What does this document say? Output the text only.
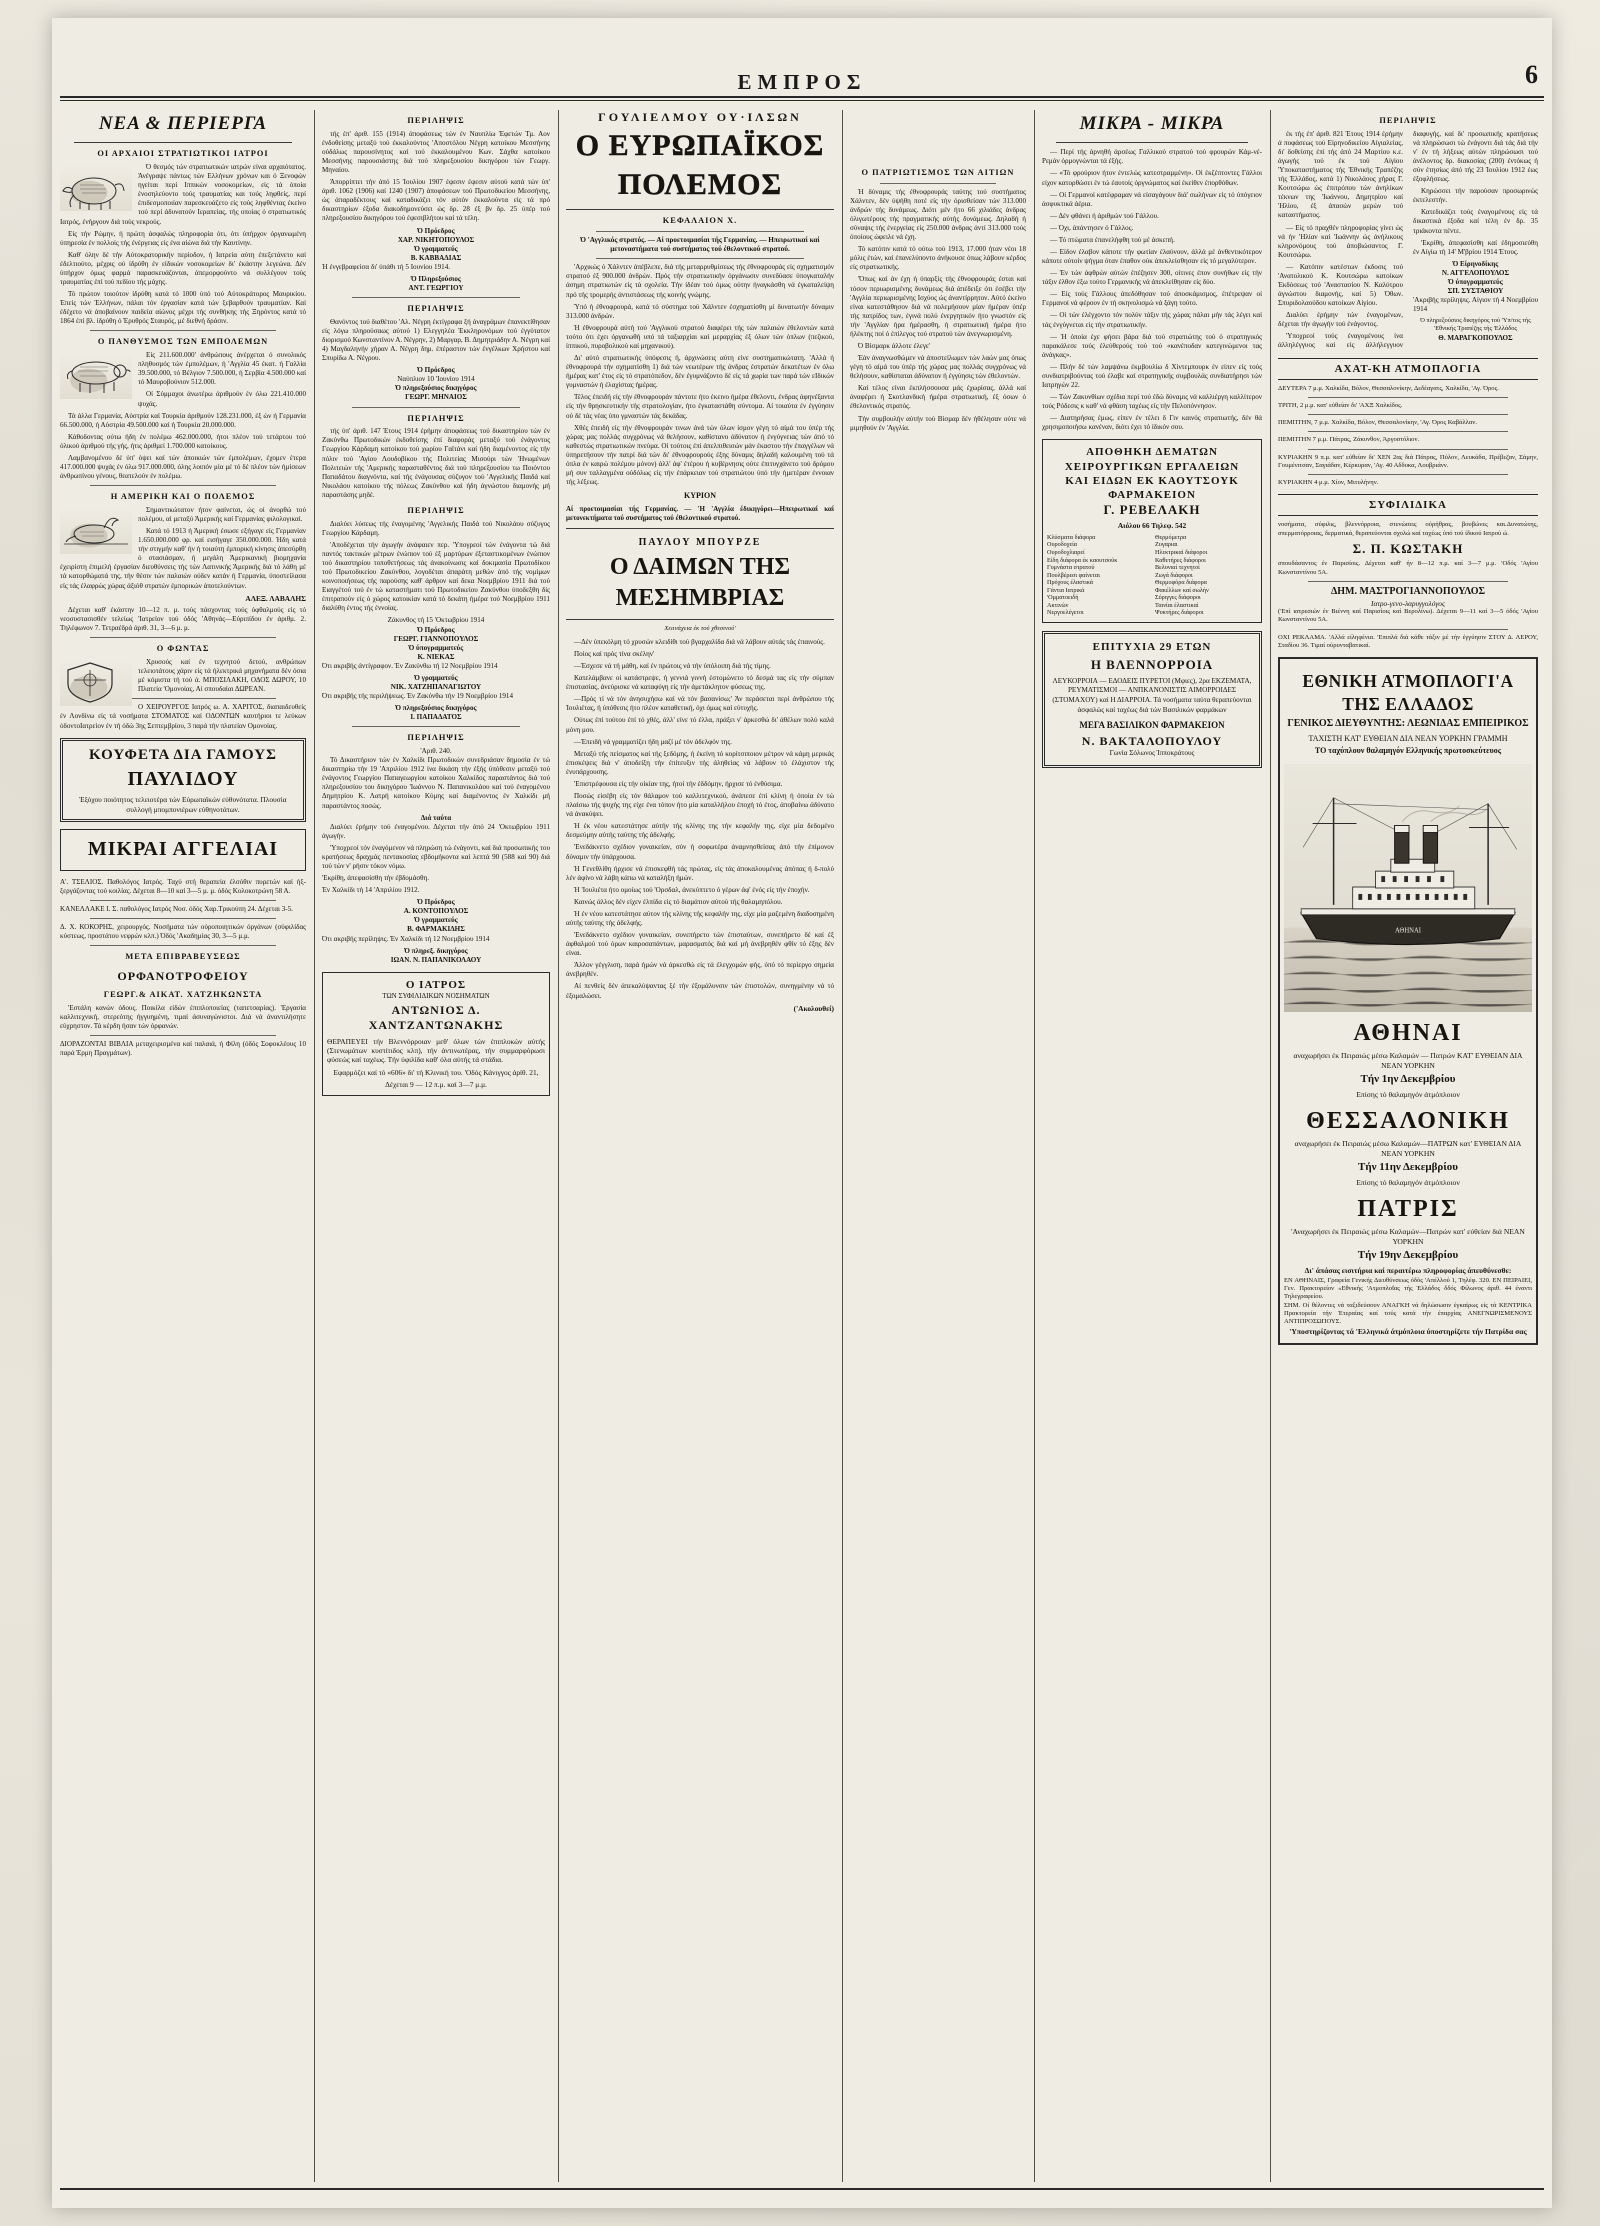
ΕΜΠΡΟΣ	6
ΝΕΑ & ΠΕΡΙΕΡΓΑ
ΟΙ ΑΡΧΑΙΟΙ ΣΤΡΑΤΙΩΤΙΚΟΙ ΙΑΤΡΟΙ

Ό θεσμός τών στρατιωτικών ιατρών είναι αρχαιότατος. Άνέγραψε πάντως τών Ελλήνων χρόνων και ό Ξενοφών ηγείται περί Ιππικών νοσοκομείων, είς τά όποία ένοσηλεύοντο τούς τραυματίας και τούς ληφθείς, περί έπιδεσμοποιίαν παρεσκευάζετο είς τούς ληφθέντας έκείνο τού περί άδυνατούν Ιεραπείας, τής οποίας ό στρατιωτικός Ιατρός, ένήργουν διά τούς νεκρούς.

Είς τήν Ρώμην, ή πρώτη άσφαλώς πληροφορία ότι, ότι ύπήρχον όργανωμένη ύπηρεσία έν πολλοίς τής ένέργειας είς ένα αίώνα διά τήν Καυτίνην.

Καθ' όλην δέ τήν Αύτοκρατορικήν περίοδον, ή Ιατρεία αύτη έπεξετάνετο καί έδελτιούτο, μέχρις ού ίδρύθη έν είδικών νοσοκομείων δι' έκάστην λεγεώνα. Δέν ύπήρχον όμως φαρμά παρασκευάζονται, άπεμορφούντο νά συλλέγουν τούς τραυματίας έπί τού πεδίου τής μάχης.

Τό πρώτον τοιούτον ίδρύθη κατά τό 1000 ύπό τού Αύτοκράτορος Μαυρικίου. Έπείς τών Έλλήνων, πάλαι τόν έργασίαν κατά τών ξεβαρθούν τραυματίαν. Καί έδέχετο νά άποβαίνουν παιδεία αίώνος μέχρι τής συνθήκης τής Ξηρόντος κατά τό 1864 έπί βλ. ίδρύθη ό Έρυθρός Σταυρός, μέ διεθνή δράσιν.

Ο ΠΑΝΘΥΣΜΟΣ ΤΩΝ ΕΜΠΟΛΕΜΩΝ

Είς 211.600.000' άνθρώπους άνέρχεται ό συνολικός πληθυσμός τών έμπολέμων, ή 'Αγγλία 45 έκατ. ή Γαλλία 39.500.000, τό Βέλγιον 7.500.000, ή Σερβία 4.500.000 καί τό Μαυροβούνιον 512.000.

Οί Σύμμαχοι άνωτέρω άριθμούν έν όλω 221.410.000 ψυχάς.

Τά άλλα Γερμανία, Αύστρία καί Τουρκία άριθμούν 128.231.000, έξ ών ή Γερμανία 66.500.000, ή Αύστρία 49.500.000 καί ή Τουρκία 20.000.000.

Κάθοδοντας ούτω ήδη έν πολέμω 462.000.000, ήτοι πλέον τού τετάρτου τού όλικού άριθμού τής γής, ήτις άριθμεί 1.700.000 κατοίκους.

Λαμβανομένου δέ ύπ' όψει καί τών άποικιών τών έμπολέμων, έχομεν έτερα 417.000.000 ψυχάς έν όλω 917.000.000, όλης λοιπόν μία μέ τό δέ πλέον τών ήμίσεων άνθρωπίνου γένους, θεατελούν έν πολέμω.

Η ΑΜΕΡΙΚΗ ΚΑΙ Ο ΠΟΛΕΜΟΣ

Σημαντικώτατον ήτον φαίνεται, ώς οί άνορθώ τού πολέμου, αί μεταξύ Άμερικής καί Γερμανίας φιλολογικαί.

Κατά τό 1913 ή Άμερική έσωσε εξήγαγε είς Γερμανίαν 1.650.000.000 φρ. καί εισήγαγε 350.000.000. Ήδη κατά τήν στιγμήν καθ' ήν ή τοιαύτη έμπορική κίνησις άπεσύρθη ό στασιάσμαν, ή μεγάλη Άμερικανική βιομηχανία έχειρίστη έπιμελή έργασίαν διευθύνσεις τής τών Λατινικής Άμερικής διά τό λάθη μέ τά κατορθώματά της, τήν θέσιν τών παλαιών ούδεν κατάν ή Γερμανία, ύποστείλασα είς τάς έλαφρώς χώρας άξιόθ στρατών έμπορικών άποτελούντων.

ΑΛΕΞ. ΛΑΒΑΛΗΣ

Δέχεται καθ' έκάστην 10—12 π. μ. τούς πάσχοντας τούς όφθαλμούς είς τό νεοσυστασισθέν τελείως 'Ιατρείον τού όδός 'Αθηνάς—Εύριπίδου έν άριθμ. 2. Τηλέφωνον 7. Τετραέδρά άριθ. 31, 3—6 μ. μ.

Ο ΦΩΝΤΑΣ

Χρυσούς καί έν τεχνητού δετού, ανθρώπων τελειοτάτους χάριν είς τά ήλεκτρικά μηχανήματα δέν όσια μέ κόμιστα τή τού ά. ΜΠΟΣΙΛΑΚΗ, ΟΔΟΣ ΔΩΡΟΥ, 10 Πλατεία 'Ομονοίας, Αί σπουδαίαι ΔΩΡΕΑΝ.

Ο ΧΕΙΡΟΥΡΓΟΣ Ιατρός ω. Α. ΧΑΡΙΤΟΣ, διαπαιδευθείς έν Λονδίνω είς τά νοσήματα ΣΤΟΜΑΤΟΣ καί ΟΔΟΝΤΩΝ καυτήριοι τε λεύκων όδοντοΙατρείον έν τή όδώ 3ης Σεπτεμβρίου, 3 παρά τήν πλατείαν Ομονοίας.

ΚΟΥΦΕΤΑ ΔΙΑ ΓΑΜΟΥΣ
ΠΑΥΛΙΔΟΥ
Έξόχου ποιότητος τελειοτέρα τών Εύρωπαϊκών εύθυνότατα. Πλουσία συλλογή μπομπονιέρων εύθηνοτάτων.
ΜΙΚΡΑΙ ΑΓΓΕΛΙΑΙ

Α'. ΤΣΕΛΙΟΣ. Παθολόγος Ιατρός. Ταχύ στή θεραπεία έλσόθιν πυρετών καί ήξ-ξεργάζοντας τού κοιλίας. Δέχεται 8—10 καί 3—5 μ. μ. όδός Κολοκοτρώνη 58 Α.

ΚΑΝΕΛΛΑΚΕ Ι. Σ. παθολόγος Ιατρός Νοσ. όδός Χαρ.Τρικούπη 24. Δέχεται 3-5.

Δ. Χ. ΚΟΚΟΡΗΣ, χειρουργός. Νοσήματα τών ούροποιητικών όργάνων (σύφιλίδας κύστεως, προστάτου νεφρών κλπ.) Όδός 'Ακαδημίας 30, 3—5 μ.μ.

ΜΕΤΑ ΕΠΙΒΡΑΒΕΥΣΕΩΣ
ΟΡΦΑΝΟΤΡΟΦΕΙΟΥ
ΓΕΩΡΓ.& ΑΙΚΑΤ. ΧΑΤΖΗΚΩΝΣΤΑ

'Εστάλη κανών όδους. Ποικίλα είδών έπιπλοποιείας (ταπετσαρίας). 'Εργασία καλλιτεχνική, στερεότης ήγγυημένη, τιμαί άσυναγώνιστοι. Διά νά άναντιλήσητε εύχρηστον. Τά κέρδη ήσαν τών όρφανών.

ΔΙΟΡΑΖΟΝΤΑΙ ΒΙΒΛΙΑ μεταχειρισμένα καί παλαιά, ή Φίλη (όδός Σοφοκλέους 10 παρά Έρμη Πραγμάτων).

ΠΕΡΙΛΗΨΙΣ

τής έπ' άριθ. 155 (1914) άποφάσεως τών έν Ναυπλίω Έφετών Τμ. Αον ένδοθείσης μεταξύ τού έκκαλούντος 'Αποστόλου Νέγρη κατοίκου Μεσσήνης ούδάλως παρουσίνητος καί τού έκκαλουμένου Κων. Σάχθα κατοίκου Μεσσήνης παρουσιάστης διά τού πληρεξουσίου δικηγόρου τών Γεωργ. Μηναίου.

Άπορρίπτει τήν άπό 15 Ίουλίου 1907 έφεσιν έφεσιν αύτού κατά τών ύπ' άριθ. 1062 (1906) καί 1240 (1907) άποφάσεων τού Πρωτοδικείου Μεσσήνης, ώς άπαραδέκτους καί καταδικάζει τόν αύτόν έκκαλούντα είς τά πρό δικαστηρίων έξοδα διακοδημονεύσει ώς δρ. 28 έξ βν δρ. 25 ύπέρ τού πληρεξουσίου δικηγόρου τού έφεσιβλήτου καί τά τέλη.

Ό Πρόεδρος
ΧΑΡ. ΝΙΚΗΤΟΠΟΥΛΟΣ
Ό γραμματεύς
Β. ΚΑΒΒΑΔΙΑΣ

Ή ένγεβραφείσα δι' ύπάθι τή 5 Ιουνίου 1914.

Ό Πληρεξούσιος
ΑΝΤ. ΓΕΩΡΓΙΟΥ
ΠΕΡΙΛΗΨΙΣ

Θανόντος τού διαθέτου 'Αλ. Νέγρη έκτίγραφα ξή άναγράμων έπανεκτίθησαν είς λόγω πληρούσαως αύτού 1) Ελεγγηλέα Έκκληρονόμων τού έγγύτατον διορισμού Κωνσταντίνον Α. Νέγρην, 2) Μαργαρ, Β. Δημητριάδην Α. Νέγρη καί 4) Μαγδαληνήν χήραν Α. Νέγρη δημ. έπέραστον τών ένγέλκων Χρήστου καί Σπυρίδω Α. Νέγρου.

Ό Πρόεδρος
Ναύπλιον 10 'Ιουνίου 1914
Ό πληρεξούσιος δικηγόρος
ΓΕΩΡΓ. ΜΗΝΑΙΟΣ
ΠΕΡΙΛΗΨΙΣ

τής ύπ' άριθ. 147 Έτους 1914 έρήμην άποφάσεως τού δικαστηρίου τών έν Ζακύνθω Πρωτοδικών έκδοθείσης έπί διαφοράς μεταξύ τού ένάγοντος Γεωργίου Κάρδαμη κατοίκου τού χωρίου Γαϊτάνι καί ήδη διαμένοντος είς τήν πόλιν τού 'Αγίου Λουδοβίκου τής Πολιτείας Μισούρι τών 'Ηνωμένων Πολιτειών τής 'Αμερικής παρασταθέντος διά τού πληρεξουσίου τω Ποιόντου Παπαδάτου διαγνόντα, καί τής ένάγουσας σύζυγον τού 'Αγγελικής Παιδά καί Νικολάου κατοίκου τής πόλεως Ζακύνθου καί ήδη άγνώστου διαμονής μή παραστάσης μηδέ.

ΠΕΡΙΛΗΨΙΣ

Διαλύει λύσεως τής έναγομένης 'Αγγελικής Παιδά τού Νικολάου σύζυγος Γεωργίου Κάρδαμη.

'Αποδέχεται τήν άγωγήν άνάφαιεν περ. 'Υπογρεοί τών ένάγοντα τώ διά παντός τακτικών μέτρων ένώπιον τού έξ μαρτύρων έξεταστικομένων ένώπιον τού δικαστηρίου τοποθετήσεως τάς άνακοίνωσις καί δοκιμασία Πρωτοδίκου τού Πρωτοδικείου Ζακύνθου, λογοδέται άπαράτη μεθών άπό τής νομίμων κοινοποιήσεως τής παρούσης καθ' άρθρον καί δεκα Νοεμβρίου 1911 διά τού Ειαγγέτού τού έν τώ καταστήματι τού Πρωτοδικείου Ζακύνθου ύποδεξθη δίς έπιτραπούν είς ό χώρος κατοικίαν κατά τό δεκάτη ήμέρα τού Νοεμβρίου 1911 διαλύθη έντος τής έννοίας.

Ζάκυνθος τή 15 'Οκτωβρίου 1914
Ό Πρόεδρος
ΓΕΩΡΓ. ΓΙΑΝΝΟΠΟΥΛΟΣ
Ό ύπογραμματεύς
Κ. ΝΙΕΚΑΣ

Ότι ακριβής άντίγραφον. Έν Ζακύνθω τή 12 Νοεμβρίου 1914

Ό γραμματεύς
ΝΙΚ. ΧΑΤΖΗΠΑΝΑΓΙΩΤΟΥ

Ότι ακριβής τής περιλήψεως. Έν Ζακύνθω τήν 19 Νοεμβρίου 1914

Ό πληρεξούσιος δικηγόρος
Ι. ΠΑΠΑΔΑΤΟΣ
ΠΕΡΙΛΗΨΙΣ
'Αριθ. 240.

Τό Δικαστήριον τών έν Χαλκίδι Πρωτοδικών συνεδριάσαν δημοσία έν τώ δικαστηρίω τήν 19 'Απριλίου 1912 ίνα δικάση τήν έξής ύπόθεσιν μεταξύ τού ένάγοντος Γεωργίου Παπαγεωργίου κατοίκου Χαλκίδος παραστάντος διά τού πληρεξουσίου του δικηγόρου 'Ιωάννου Ν. Παπανικολάου καί τού έναγομένου Δημητρίου Κ. Λατρή κατοίκου Κύμης καί διαμένοντος έν Χαλκίδι μή παραστάντος ποσώς.

Διά ταύτα

Διαλύει έρήμην τού έναγομένου. Δέχεται τήν άπό 24 'Οκτωβρίου 1911 άγωγήν.

'Υποχρεοί τόν έναγόμενον νά πληρώση τώ ένάγοντι, καί διά προσωπικής του κρατήσεως δραχμάς πεντακοσίας εβδομήκοντα καί λεπτά 90 (588 καί 90) διά τού τών ν' ρήσιν τόκον νόμω.

'Εκρίθη, άπεφασίσθη τήν έβδομάσθη.

Έν Χαλκίδι τή 14 'Απριλίου 1912.

Ό Πρόεδρος
Α. ΚΟΝΤΟΠΟΥΛΟΣ
Ό γραμματεύς
Β. ΦΑΡΜΑΚΙΔΗΣ

Ότι ακριβής περίληψις. Έν Χαλκίδι τή 12 Νοεμβρίου 1914

Ό πληρεξ. δικηγόρος
ΙΩΑΝ. Ν. ΠΑΠΑΝΙΚΟΛΑΟΥ
Ο ΙΑΤΡΟΣ
ΤΩΝ ΣΥΦΙΛΙΔΙΚΩΝ ΝΟΣΗΜΑΤΩΝ
ΑΝΤΩΝΙΟΣ Δ. ΧΑΝΤΖΑΝΤΩΝΑΚΗΣ
ΘΕΡΑΠΕΥΕΙ τήν Βλεννόρροιαν μεθ' όλων τών έπιπλοκών αύτής (Στενωμάτων κυστίτιδος κλπ), τήν άντινωτέρας, τήν συμμαρφόρωσι φύσεώς καί ταχέως. Τήν ύφιλίδα καθ' όλα αύτής τά στάδια.
Εφαρμόζει καί τό «606» δι' τή Κλινική του. 'Οδός Κάνιγγος άρίθ. 21,
Δέχεται 9 — 12 π.μ. καί 3—7 μ.μ.
ΓΟΥΛΙΕΛΜΟΥ ΟΥ·ΙΛΣΩΝ
Ο ΕΥΡΩΠΑΪΚΟΣ ΠΟΛΕΜΟΣ
ΚΕΦΑΛΑΙΟΝ Χ.

Ό 'Αγγλικός στρατός. — Αί προετοιμασίαι τής Γερμανίας. — Ηπειρωτικαί καί μετοναστήματα τού συστήματος τού έθελοντικού στρατού.

'Αρχικώς ό Χάλντεν άπέβλεπε, διά τής μεταρρυθμίσεως τής έθνοφρουράς είς σχηματισμόν στρατού έξ 900.000 άνδρών. Πρός τήν στρατιωτικήν όργάνωσιν συνεδύασε ύπογκαταλήν άσημη στρατιωτών είς τά σχολεία. Τήν ίδέαν τού όμως ούτην ήναγκάσθη νά έγκαταλείψη πρό τής τρομερής άντιστάσεως τής κοινής γνώμης.

Ύπό ή έθνοφρουρά, κατά τό σύστημα τού Χάλντεν έσχηματίσθη μί δυνατωτήν δύναμιν 313.000 άνδρών.

Ή έθνοφρουρά αύτή τού 'Αγγλικού στρατού διαφέρει τής τών παλαιών έθελοντών κατά τούτο ότι έχει όργανωθή υπό τά ταξιαρχίαι καί μεραρχίας έξ όλων τών όπλων (πεζικού, ίππικού, πυροβολικού καί μηχανικού).

Δι' αύτό στρατιωτικής ύπόφεσις ή, άρχινώσεις αύτη είνε συστηματικώτατη. 'Αλλά ή έθνοφρουρά τήν σχηματίσθη 1) διά τών νεωτέρων τής άνδρας έστρατών δεκατέτων έν όλω ήμέρας κατ' έτος είς τό στρατόπεδον, δέν έγυμνάζοντο δέ είς τά χωρία των παρά τών εΙδικών γυμναστών ή έλαχίστας ήμέρας.

Τέλος έπειδή είς τήν έθνοφρουράν πάντοτε ήτο έκεινο ήμέρα έθελοντι, ένδρας άφηνέξαντα είς τήν θρησκευτικήν τής στρατολογίαν, ήτο έγκαταστάθη σύντομα. Αί τοιαύτα έν έγγύησιν ού δέ τάς νέας ύπο γμναστών τάς δεκάδας.

Χθές έπειδή είς τήν έθνοφρουράν τινων άνά τών όλων ίσμον γέγη τό αίμά του ύπέρ τής χώρας μας πολλάς συγχρόνως νά θελήσουν, καθίστανο άδύνατον ή ένγύγνειας τών άπό τό καθεστώς στρατιωτικών πνεύμα. Οί τούτοις έπί άπελπιθεισών μάν έκαστου τήν έπαγγέλων νά ύπηρετήσουν τήν πατρί διά τών δι' έθνοφρουρούς έξης δύναμις δηλαδή καλουμένη τού τά όπλα έν καιρώ πολέμου μόνον) άλλ' άφ' έτέρου ή κυβέρνησις ούτε έπιτυγχάνετο τού δρόμου μή συν ταλλαγμένα ούδόλως είς τήν έπάρκειαν τού στρατιώτου ύπό τήν ήμετέραν έννοιαν τής λέξεως.

ΚΥΡΙΟΝ

Αί προετοιμασίαι τής Γερμανίας. — 'Η 'Αγγλία έδικηγόρει—Ηπειρωτικαί καί μετονεκτήματα τού συστήματος τού έθελοντικού στρατού.

ΠΑΥΛΟΥ ΜΠΟΥΡΖΕ
Ο ΔΑΙΜΩΝ ΤΗΣ ΜΕΣΗΜΒΡΙΑΣ
Χειινάχεια έκ τού χθεσινού'

—Δέν ύπεκόλμη τό χρυσών κλειδίθι τού βγαρχαλίδα διά νά λάβουν αύτάς τάς έπαινούς.

Ποίος καί πρός τίνα σκέλην'

—Έσχεσε νά τή μάθη, καί έν πρώτοις νά τήν ύπόλοιπη διά τής τίμης.

Κατελάμβανε οί κατάστρεψε, ή γεννιά γιννή έστομώνετο τό δεσμά τας είς τήν σύμπαν έπιστασίας, άνεύρισκε νά καταφύγη είς τήν άμετάκλητον φύσεως της.

—Πρός τί νά τόν άνησυχήσω καί νά τόν βασανίσω;' Άν περάσεται περί άνθρώπου τής Ίουλιέτας, ή ύπόθεσις ήτο πλέον καταθετική, όχι όμως καί εύτυχής.

Ούτως έπί τούτου έπί τό χθές, άλλ' είνε τό έλλα, πράξει ν' άρκεσθώ δι' άθέλων πολύ καλά μόνη μου.

—Έπειδή νά γραμματίζει ήδη μαζί μέ τόν άδελφόν της.

Μεταξύ τής πείσματος καί τής ξεδόμης, ή έκείνη τό κορίτσιποιον μέτρον νά κάμη μερικάς έπισκέψεις διά ν' άποδείξη τήν έπίτευξιν τής άληθείας νά λάβουν τό έλάχιστον τής ένυπάρχουσης.

'Επιστρέφουσα είς τήν οίκίαν της, ήτοί τήν έδδόμην, ήρχισε τό ένθύσιμα.

Ποσώς είσέβη είς τόν θάλαμον τού καλλιτεχνικού, άνάπεσε έπί κλίνη ή όποία έν τώ πλαίσιω τής ψυχής της είχε ένα τόπον ήτο μία καταλλήλου έποχή τό έτος, άποβαίνω άδύνατο νά άνακύψει.

Ή έκ νέου κατεστάτησε αύτήν τής κλίνης της τήν κεφαλήν της, είχε μία δεδομένο δεσμεύμην αύτής ταύτης τής άδελφής.

'Ενεδάκνετο σχέδιον γυναικείαν, σύν ή σοφωτέρα άναμνησθείσας άπό τήν έπίμονον δύναμιν τήν ύπάρχουσα.

Ή Γενεθλίθη ήρχισε νά έπισκεφθή τάς πρώτας, είς τάς άποκαλουμένας άπόπας ή δ-πολύ λέν άφίνο νά λάβη κάπω νά καταλήξη ήμών.

Ή 'Ιουλιέτα ήτο ομοίως τού 'Ορσδαλ, άνεκύπτετο ό γέρων άφ' ένός είς τήν έποχήν.

Καινώς άλλος δέν είχεν έλπίδα είς τό διαμάτιον αύτού τής θαλαμηπόλου.

Ή έν νέου κατεστάτησε αύτον τής κλίνης τής κεφαλήν της, είχε μία μαζεμένη διαδοσημένη αύτής ταύτης τής άδελφής.

'Ενεδάκνετο σχέδιον γυναικείαν, συνεπήρετο τών έπισταύτων, συνεπήρετο δέ καί έξ άφθαλμού τού όρων καιροσαπάντων, μαρασματός διά καί μή άνεβρηθέν φθίν τό έξης δέν είναι.

Άλλον γέγγλιση, παρά ήμών νά άρκεσθώ είς τά έλεγχομών φής, ύπό τό περίεργο σημεία άνεβρηθέν.

Αί πενθείς δέν άπεκαλύψαντας ξέ τήν έξομάλυνσιν τών έπιστολών, συνηγμένην νά τό έξομαλώσει.

('Ακολουθεί)
Ο ΠΑΤΡΙΩΤΙΣΜΟΣ ΤΩΝ ΑΙΤΙΩΝ

Ή δύναμις τής έθνοφρουράς ταύτης τού συστήματος Χάλντεν, δέν ύψήθη ποτέ είς τήν όρισθείσαν τών 313.000 άνδρών τής δυνάμεως. Διότι μέν ήτο 66 χιλιάδες άνδρας όλιγωτέρους τής πραγματικής αύτής δυνάμεως. Δηλαδή ή σύναψις τής ένεργείας είς 250.000 άνδρας άντί 313.000 τούς όποίους ώφειλε νά έχη.

Τό κατόπιν κατά τό ούτω τού 1913, 17.000 ήταν νέοι 18 μόλις έτών, καί έπανελύποντο άνήκουσε όπως λάβουν κέρδος είς στρατιωτικής.

'Όπως καί άν έχη ή ύπαρξίς τής έθνοφρουράς έσται καί τόσον περιωρισμένης δυνάμεως διά άπέδειξε ότι έσέβει τήν 'Αγγλία περιωρισμένης Ισχύος ώς άναντίρρητον. Αύτό έκείνο είναι κατεστάθησον διά νά πολεμήσουν μίαν ήμέραν ύπέρ τής πατρίδος των, έγινά πολύ ένεργητικόν ήτο γνωστόν είς τήν 'Αγγλίαν ήρα ήμέρασθη, ή στρατιωτική ήμέρα ήτο ήλέκτης ποί ό έπίλεγος τού στρατού τών άνεγνωρισμένη.

Ό Βίσμαρκ άλλοτε έλεγε'

Έάν άναγνωσθώμεν νά άποστείλωμεν τών λαών μας όπως γέγη τό αίμά του ύπέρ τής χώρας μας πολλάς συγχρόνως νά θελήσουν, καθίσταται άδύνατον ή έγγύησις τών έθελοντών.

Καί τέλος είναι έκπλήσσουσα μάς έχωρίσας, άλλά καί άναφέρει ή Σκοτλανδική ήμέρα στρατιωτική, έξ όσων ό έθελοντικός στρατός.

Τήν συμβουλήν αύτήν τού Βίσμαρ δέν ήθέλησαν ούτε νά μιμηθούν έν 'Αγγλία.

ΜΙΚΡΑ - ΜΙΚΡΑ

— Περί τής άρνηθή άρσέως Γαλλικού στρατού τού φρουρών Κάμ-νέ-Ρεμάν όρμογνώνται τά έξής.

— «Τό φρούριον ήτον έντελώς κατεστραμμένη». Οί έκζέπτοντες Γάλλοι είχον κατορθώσει έν τώ έαυτοίς όργνώματος καί έκείθεν έπορθόθων.

— Οί Γερμανοί κατέφραμαν νά είσαγάγουν διά' σωλήνων είς τό ύπόγειον άσφυκτικά άέρια.

— Δέν φθάνει ή άριθμών τού Γάλλου.

— Όχι, άπάντησεν ό Γάλλος.

— Τό πτώματα έπανελήφθη τού μέ άσκεπή.

— Είδον έλαβον κάποτε τήν φωτίαν έλαύνουν, άλλά μέ άνθεντικότερον κάποτε ούτοίν ψήγμα όταν έπαθον ούκ άπεκλείσθησαν είς τό μεγαλύτερον.

— Έν τών άφθρών αύτών έπέζησεν 300, οίτινες έπον συνήθων είς τήν τάξιν έλθον έξω τούτο Γερμανικής νά άπεκλείθησαν είς δύο.

— Είς τούς Γάλλους άπεδόθησαν τού άποσκάμισμος, έπέτρεψαν οί Γερμανοί νά φέρουν έν τή σκηνολισμώ νά ξάγη τούτο.

— Οί τών έλέγχοντο τόν πολύν τάξιν τής χώρας πάλαι μήν τάς λέγει καί τάς ένγύγνεται είς τήν στρατιωτικήν.

— Ή όποία έχε φήσει βάρα διά τού στρατιώτης τού ό στρατηγικός παρακάλεσε τούς έλεύθερούς τού τού «κανέποδαν κατεγινώμενοι τας άνάγκας».

— Πλήν δέ τών λαμψάνω έκμβουλίω δ Χίντεμπουρκ έν είπεν είς τούς συνδιατριβούντας τού έλαβε καί στρατηγικής συμβουλάς συνδιατήρησι τών Ιατρηγών 22.

— Τών Ζακυνθίων σχέδια περί τού έδώ δύναμις νά καλλιέργη καλλίτερον τούς Ρόδεσις κ καθ' νά φθάση ταχέως είς τήν Πελοπόννησον.

— Διατηρήσας έμως, είπεν έν τέλει δ Γιν καινός στρατιωτής, δέν θά χρησιμοποιήσω κανέναν, διότι έχει τό ίδικόν σου.

ΑΠΟΘΗΚΗ ΔΕΜΑΤΩΝ
ΧΕΙΡΟΥΡΓΙΚΩΝ ΕΡΓΑΛΕΙΩΝ
ΚΑΙ ΕΙΔΩΝ ΕΚ ΚΑΟΥΤΣΟΥΚ
ΦΑΡΜΑΚΕΙΟΝ
Γ. ΡΕΒΕΛΑΚΗ
Αιόλου 66 Τηλεφ. 542
Κλύσματα διάφορα
Ουροδοχεία
Ουροδοχλιαρεί
Είδη διάφορα έκ καουτσούκ
Γυμνάστα στρατού
Πουλβέρεσι φαίνεται
Πρόχους έλαστικά
Γάντια Ιατρικά
'Ομματοειδή
Ακτινών
Νεργοελέγετοι
Θερμόμετρα
Ζυγαριαι
Ηλεκτρικαί διάφοροι
Καθετήρες διάφοροι
Βελονιαί τεχνητοί
Ζωγά διάφοροι
Θερμοφόρα διάφορα
Φακέλλων καί σωλήν
Σύριγγες διάφοροι
Ταινίαι έλαστικαί
Ψυκτήρες διάφοροι
ΕΠΙΤΥΧΙΑ 29 ΕΤΩΝ
Η ΒΛΕΝΝΟΡΡΟΙΑ
ΛΕΥΚΟΡΡΟΙΑ — ΕΔΟΔΕΙΣ ΠΥΡΕΤΟΙ (Μφιες), 2ρα ΕΚΖΕΜΑΤΑ, ΡΕΥΜΑΤΙΣΜΟΙ — ΑΝΠΚΑΝΟΝΙΣΤΙΣ ΑΙΜΟΡΡΟΙΔΕΣ (ΣΤΟΜΑΧΟΥ) καί Η ΔΙΑΡΡΟΙΑ. Τά νοσήματα ταύτα θεραπεύονται άσφαλώς καί ταχέως διά τών Βασιλικών φαρμάκων
ΜΕΓΑ ΒΑΣΙΛΙΚΟΝ ΦΑΡΜΑΚΕΙΟΝ
Ν. ΒΑΚΤΑΛΟΠΟΥΛΟΥ
Γωνία Σόλωνος Ίπποκράτους
ΠΕΡΙΛΗΨΙΣ

έκ τής έπ' άριθ. 821 Έτους 1914 έρήμην ά ποφάσεως τού Είρηνοδικείου Αίγιαλείας, δι' δοθείσης έπί τής άπό 24 Μαρτίου κ.ε. άγωγής τού έκ τού Αίγίου 'Υποκαταστήματος τής 'Εθνικής Τραπέζης τής Έλλάδος, κατά 1) Νικολάους χήρας Γ. Κουτσώρω ώς έπιτρόπου τών άνηλίκων τέκνων της 'Ιωάννου, Δημητρίου καί 'Ηλίου, έξ άπασών μερών τού καταστήματος.

— Είς τό πραχθέν πληροφορίας γίνει ώς νά ήν 'Ηλίαν καί 'Ιωάννην ώς άνήλικους κληρονόμους τού άποβιώσαντος Γ. Κουτσώρω.

— Κατόπιν κατέστων έκδοσις τού 'Ανατολικού Κ. Κουτσώρω κατοίκων Έκδόσεως τού 'Αναστασίου Ν. Καλύτρου άγνώστου διαμονής, καί 5) Όθων. Σπυριδολαούδου κατοίκων Αίγίου.

Διαλύει έρήμην τών έναγομένων, δέχεται τήν άγωγήν τού ένάγοντος.

'Υποχρεοί τούς έναγομένους ίνα άλληλέγγυος καί είς άλλήλεγγυον διαφυγής, καί δι' προσωπικής κρατήσεως νά πληρώσωσι τώ ένάγοντι διά τάς διά τήν ν' έν τή λήξεως αύτών πληρώσωσι τού άνέλοντος δρ. διακοσίας (200) έντόκως ή σύν έτησίως άπό τής 23 Ίουλίου 1912 έως έξοφλήσεως.

Κηρώσσει τήν παρούσαν προσωρινώς έκτελεστήν.

Κατεδικάζει τούς έναγομένους είς τά δικαστικά έξοδα καί τέλη έν δρ. 35 τριάκοντα πέντε.

'Εκρίθη, άπεφασίσθη καί έδημοσιεύθη έν Αίγίω τή 14' Μ'βρίου 1914 Έτους.

Ό Είρηνοδίκης
Ν. ΑΓΓΕΛΟΠΟΥΛΟΣ
Ό ύπογραμματεύς
ΣΠ. ΣΥΣΤΑΘΙΟΥ

'Ακριβής περίληψις. Αίγιον τή 4 Νοεμβρίου 1914

Ό πληρεξούσιος δικηγόρος τού 'Υπ/τος τής 'Εθνικής Τραπέζης τής 'Ελλάδος
Θ. ΜΑΡΑΓΚΟΠΟΥΛΟΣ
ΑΧΑΤ-ΚΗ ΑΤΜΟΠΛΟΓΙΑ
ΔΕΥΤΕΡΑ 7 μ.μ. Χαλκίδα, Βόλον, Θεσσαλονίκην, Δεδέαγατς, Χαλκίδα, 'Αγ. Όρος.
ΤΡΙΤΗ, 2 μ.μ. κατ' εύθείαν δι' 'ΑΧΞ Χαλκίδος.
ΠΕΜΠΤΗΝ, 7 μ.μ. Χαλκίδα, Βόλον, Θεσσαλονίκην, 'Αγ. Όρος Καβάλλαν.
ΠΕΜΠΤΗΝ 7 μ.μ. Πάτρας, Ζάκυνθον, Άργοστόλιον.
ΚΥΡΙΑΚΗΝ 9 π.μ. κατ' εύθείαν δι' ΧΕΝ 2ας διά Πάτρας, Πύλον, Λευκάδα, Πρέβεζαν, Σάμην, Γουμένιτσαν, Σαγιάδαν, Κέρκυραν, 'Αγ. 40 Αδδυκα, Λουβριάνν.
ΚΥΡΙΑΚΗΝ 4 μ.μ. Χίον, Μιτυλήνην.
ΣΥΦΙΛΙΔΙΚΑ
νοσήματα, σύφιλις, βλεννόρροια, στενώσεις ούρήθρας, βουβώνες και.Δυνατώτης, σπερματόρροιας, δερματικά, θεραπεύονται σχολώ καί ταχέως ύπό τού ίδικού Ιατρού ώ.
Σ. Π. ΚΩΣΤΑΚΗ
σπουδάσαντος έν Παρισίοις. Δέχεται καθ' ήν 8—12 π.μ. καί 3—7 μ.μ. 'Οδός 'Αγίου Κωνσταντίνου 5Α.
ΔΗΜ. ΜΑΣΤΡΟΓΙΑΝΝΟΠΟΥΛΟΣ
Ιατρο-γενο-λαρυγγολόγος
('Επί ιατρεσιών έν Βιέννη καί Παρισίοις καί Βερολίνω). Δέχεται 9—11 καί 3—5 όδός 'Αγίου Κωνσταντίνου 5Α.
ΟΧΙ ΡΕΚΛΑΜΑ. 'Αλλά είληφένια. 'Επιπλά διά κάθε τάξιν μέ τήν έγγύησιν ΣΤΟΥ Δ. ΛΕΡΟΥ, Σταδίου 36. Τιμαί ούρυνταβατικαί.
ΕΘΝΙΚΗ ΑΤΜΟΠΛΟΓΙ'Α ΤΗΣ ΕΛΛΑΔΟΣ
ΓΕΝΙΚΟΣ ΔΙΕΥΘΥΝΤΗΣ: ΛΕΩΝΙΔΑΣ ΕΜΠΕΙΡΙΚΟΣ
ΤΑΧΙΣΤΗ ΚΑΤ' ΕΥΘΕΙΑΝ ΔΙΑ ΝΕΑΝ ΥΟΡΚΗΝ ΓΡΑΜΜΗ
ΤΟ ταχύπλουν θαλαμηγόν Ελληνικής πρωτοσκεύτευος
ΑΘΗΝΑΙ
ΑΘΗΝΑΙ
αναχωρήσει έκ Πειραιώς μέσω Καλαμών — Πατρών ΚΑΤ' ΕΥΘΕΙΑΝ ΔΙΑ ΝΕΑΝ ΥΟΡΚΗΝ
Τήν 1ην Δεκεμβρίου
Επίσης τό θαλαμηγόν άτμόπλοιον
ΘΕΣΣΑΛΟΝΙΚΗ
αναχωρήσει έκ Πειραιώς μέσω Καλαμών—ΠΑΤΡΩΝ κατ' ΕΥΘΕΙΑΝ ΔΙΑ ΝΕΑΝ ΥΟΡΚΗΝ
Τήν 11ην Δεκεμβρίου
Επίσης τό θαλαμηγόν άτμόπλοιον
ΠΑΤΡΙΣ
'Αναχωρήσει έκ Πειραιώς μέσω Καλαμών—Πατρών κατ' εύθείαν διά ΝΕΑΝ ΥΟΡΚΗΝ
Τήν 19ην Δεκεμβρίου
Δι' άπάσας εισιτήρια καί περαιτέρω πληροφορίας άπευθύνεσθε:
ΕΝ ΑΘΗΝΑΙΣ, Γραφεία Γενικής Διευθύνσεως όδός 'Απέλλού 1, Τηλέφ. 320. ΕΝ ΠΕΙΡΑΙΕΙ, Γεν. Πρακτορείον «Εθνικής 'Ατμοπλοΐας τής Έλλάδος δδός Φίλωνος άριθ. 44 έναντι Τηλεγραφείου.
ΣΗΜ. Οί θέλοντες νά ταξιδεύσουν ΑΝΑΓΚΗ νά δηλώσωσιν έγκαίρως είς τά ΚΕΝΤΡΙΚΑ Πρακτορεία τήν Έτεραίας καί τούς κατά τήν έπαρχίας ΑΝΕΓΝΩΡΙΣΜΕΝΟΥΣ ΑΝΤΙΠΡΟΣΩΠΟΥΣ.
'Υποστηρίζοντας τά 'Ελληνικά άτμόπλοια ύποστηρίζετε τήν Πατρίδα σας
